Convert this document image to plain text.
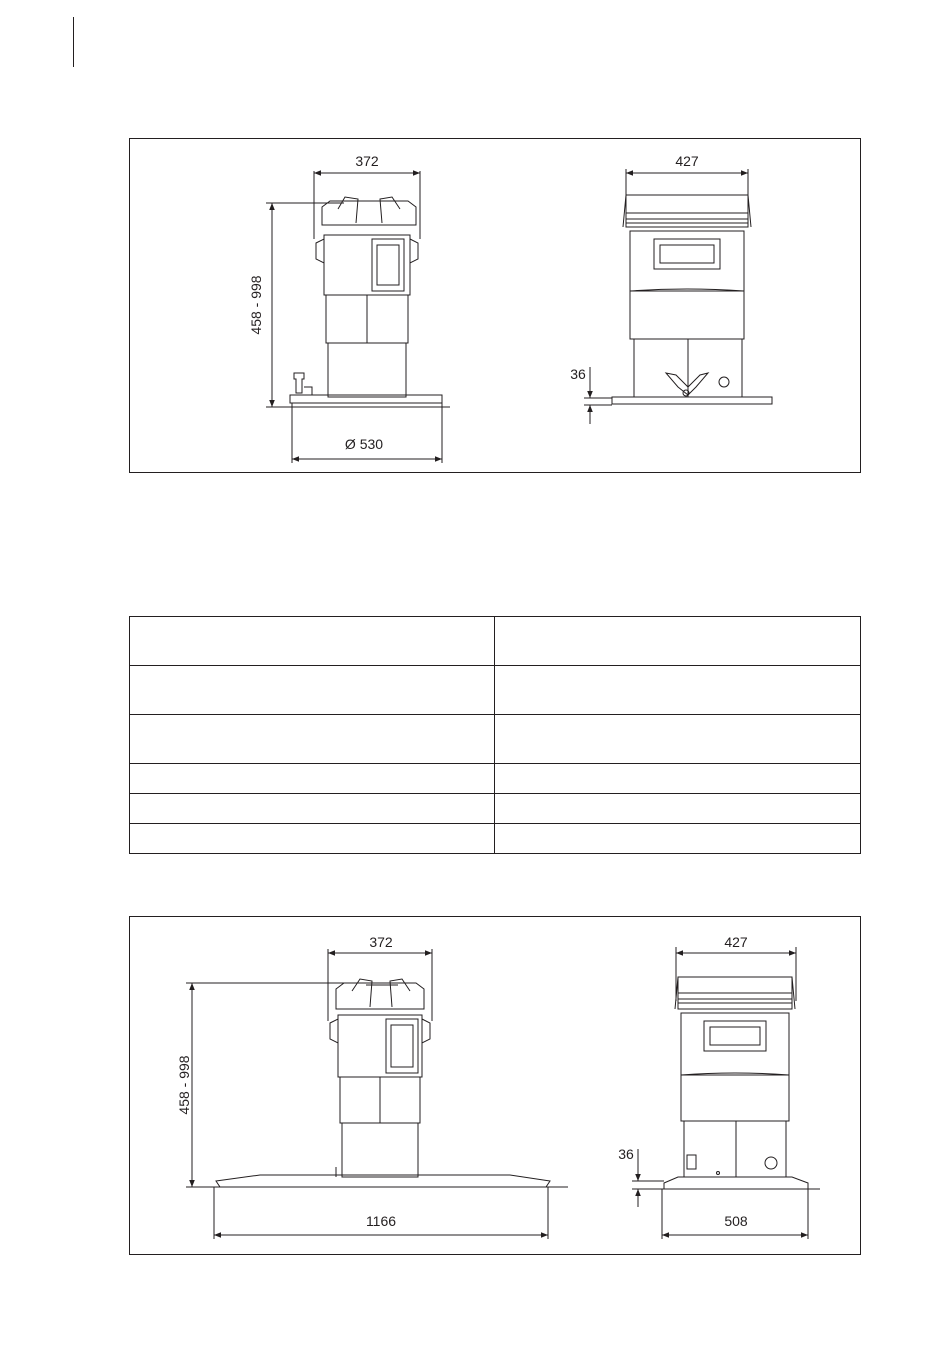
372
458 - 998
Ø 530
427
36

372
458 - 998
1166
427
36
508
